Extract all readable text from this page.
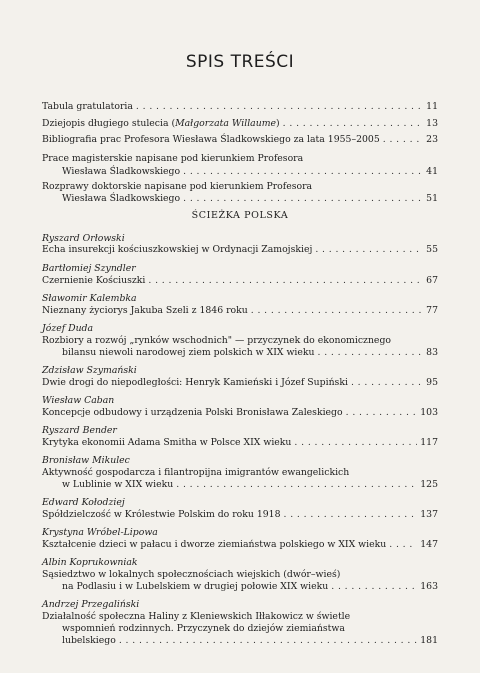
SPIS TREŚCI
Tabula gratulatoria . . .	11
Dziejopis długiego stulecia (Małgorzata Willaume) . . .	13
Bibliografia prac Profesora Wiesława Śladkowskiego za lata 1955–2005 . . .	23
Prace magisterskie napisane pod kierunkiem Profesora
Wiesława Śladkowskiego . . .	41
Rozprawy doktorskie napisane pod kierunkiem Profesora
Wiesława Śladkowskiego . . .	51
ŚCIEŻKA POLSKA
Ryszard Orłowski
Echa insurekcji kościuszkowskiej w Ordynacji Zamojskiej . . .	55
Bartłomiej Szyndler
Czernienie Kościuszki . . .	67
Sławomir Kalembka
Nieznany życiorys Jakuba Szeli z 1846 roku . . .	77
Józef Duda
Rozbiory a rozwój „rynków wschodnich" — przyczynek do ekonomicznego
bilansu niewoli narodowej ziem polskich w XIX wieku . . .	83
Zdzisław Szymański
Dwie drogi do niepodległości: Henryk Kamieński i Józef Supiński . . .	95
Wiesław Caban
Koncepcje odbudowy i urządzenia Polski Bronisława Zaleskiego . . .	103
Ryszard Bender
Krytyka ekonomii Adama Smitha w Polsce XIX wieku . . .	117
Bronisław Mikulec
Aktywność gospodarcza i filantropijna imigrantów ewangelickich
w Lublinie w XIX wieku . . .	125
Edward Kołodziej
Spółdzielczość w Królestwie Polskim do roku 1918 . . .	137
Krystyna Wróbel-Lipowa
Kształcenie dzieci w pałacu i dworze ziemiaństwa polskiego w XIX wieku . . .	147
Albin Koprukowniak
Sąsiedztwo w lokalnych społecznościach wiejskich (dwór–wieś)
na Podlasiu i w Lubelskiem w drugiej połowie XIX wieku . . .	163
Andrzej Przegaliński
Działalność społeczna Haliny z Kleniewskich Iłłakowicz w świetle
wspomnień rodzinnych. Przyczynek do dziejów ziemiaństwa
lubelskiego . . .	181
